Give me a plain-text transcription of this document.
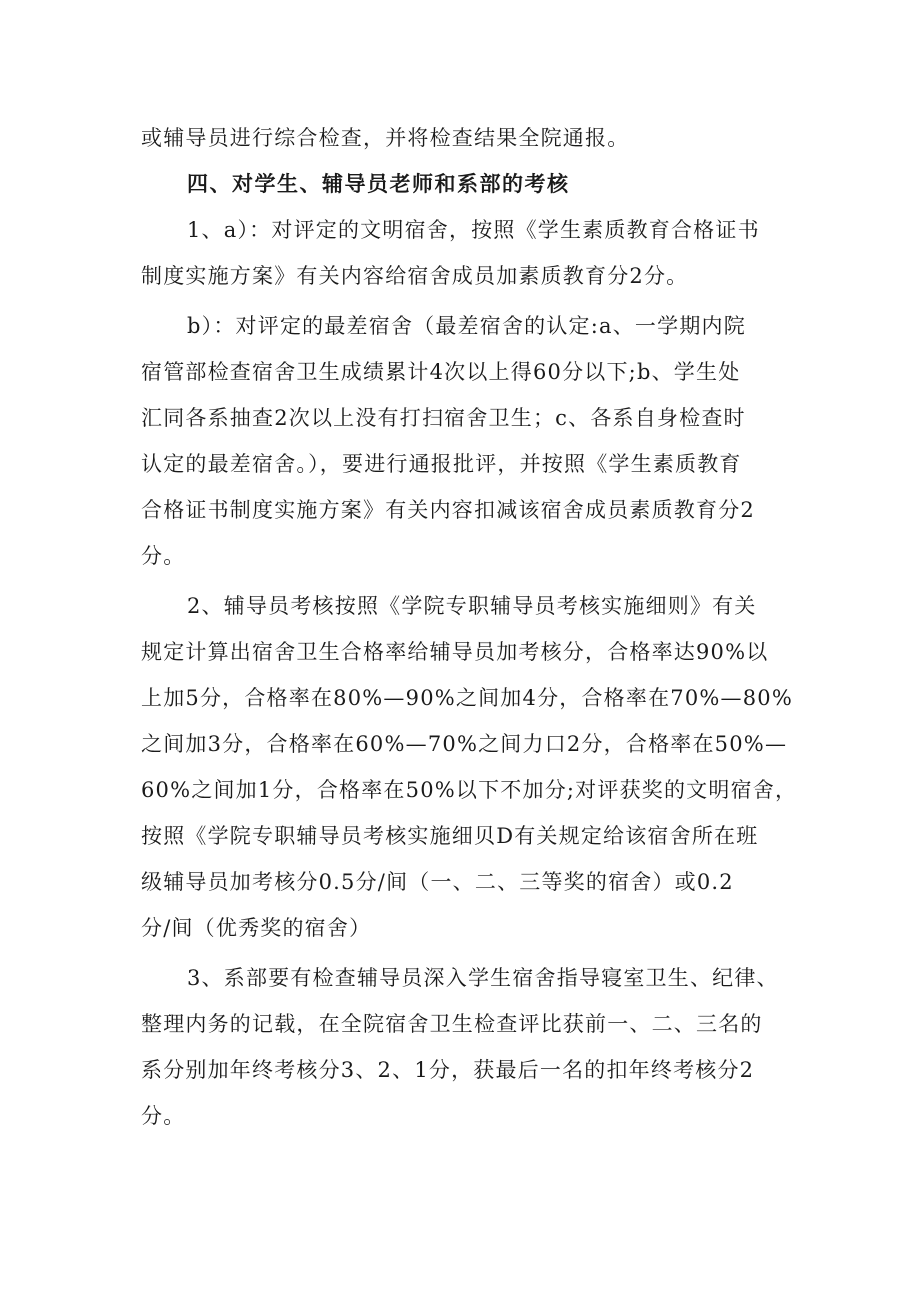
或辅导员进行综合检查，并将检查结果全院通报。
四、对学生、辅导员老师和系部的考核
1、a）：对评定的文明宿舍，按照《学生素质教育合格证书
制度实施方案》有关内容给宿舍成员加素质教育分2分。
b）：对评定的最差宿舍（最差宿舍的认定:a、一学期内院
宿管部检查宿舍卫生成绩累计4次以上得60分以下;b、学生处
汇同各系抽查2次以上没有打扫宿舍卫生；c、各系自身检查时
认定的最差宿舍。），要进行通报批评，并按照《学生素质教育
合格证书制度实施方案》有关内容扣减该宿舍成员素质教育分2
分。
2、辅导员考核按照《学院专职辅导员考核实施细则》有关
规定计算出宿舍卫生合格率给辅导员加考核分，合格率达90%以
上加5分，合格率在80%—90%之间加4分，合格率在70%—80%
之间加3分，合格率在60%—70%之间力口2分，合格率在50%—
60%之间加1分，合格率在50%以下不加分;对评获奖的文明宿舍，
按照《学院专职辅导员考核实施细贝D有关规定给该宿舍所在班
级辅导员加考核分0.5分/间（一、二、三等奖的宿舍）或0.2
分/间（优秀奖的宿舍）
3、系部要有检查辅导员深入学生宿舍指导寝室卫生、纪律、
整理内务的记载，在全院宿舍卫生检查评比获前一、二、三名的
系分别加年终考核分3、2、1分，获最后一名的扣年终考核分2
分。
